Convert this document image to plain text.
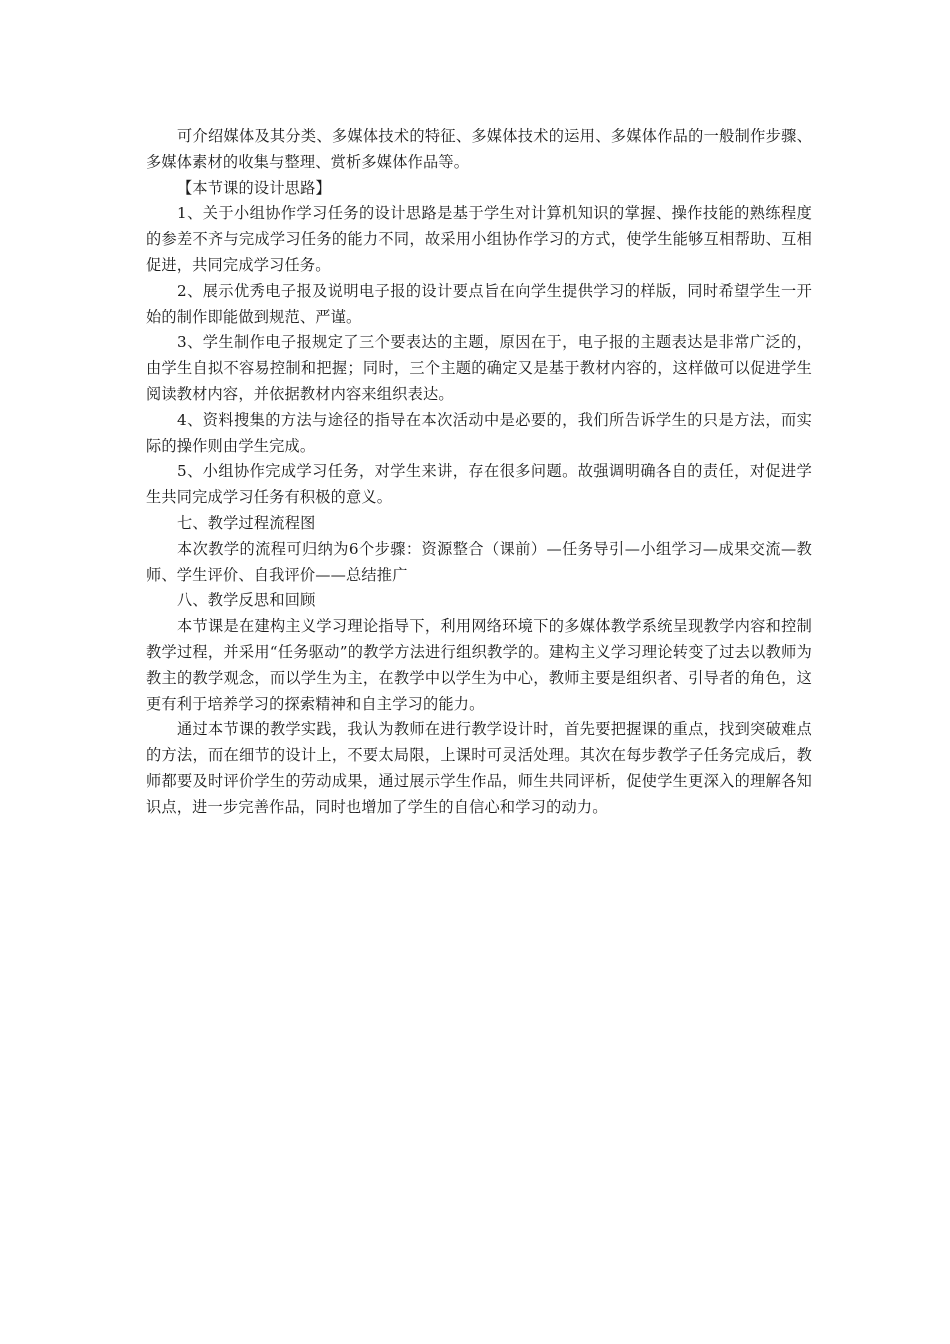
可介绍媒体及其分类、多媒体技术的特征、多媒体技术的运用、多媒体作品的一般制作步骤、多媒体素材的收集与整理、赏析多媒体作品等。

【本节课的设计思路】

1、关于小组协作学习任务的设计思路是基于学生对计算机知识的掌握、操作技能的熟练程度的参差不齐与完成学习任务的能力不同，故采用小组协作学习的方式，使学生能够互相帮助、互相促进，共同完成学习任务。

2、展示优秀电子报及说明电子报的设计要点旨在向学生提供学习的样版，同时希望学生一开始的制作即能做到规范、严谨。

3、学生制作电子报规定了三个要表达的主题，原因在于，电子报的主题表达是非常广泛的，由学生自拟不容易控制和把握；同时，三个主题的确定又是基于教材内容的，这样做可以促进学生阅读教材内容，并依据教材内容来组织表达。

4、资料搜集的方法与途径的指导在本次活动中是必要的，我们所告诉学生的只是方法，而实际的操作则由学生完成。

5、小组协作完成学习任务，对学生来讲，存在很多问题。故强调明确各自的责任，对促进学生共同完成学习任务有积极的意义。

七、教学过程流程图

本次教学的流程可归纳为6个步骤：资源整合（课前）—任务导引—小组学习—成果交流—教师、学生评价、自我评价——总结推广

八、教学反思和回顾

本节课是在建构主义学习理论指导下，利用网络环境下的多媒体教学系统呈现教学内容和控制教学过程，并采用“任务驱动”的教学方法进行组织教学的。建构主义学习理论转变了过去以教师为教主的教学观念，而以学生为主，在教学中以学生为中心，教师主要是组织者、引导者的角色，这更有利于培养学习的探索精神和自主学习的能力。

通过本节课的教学实践，我认为教师在进行教学设计时，首先要把握课的重点，找到突破难点的方法，而在细节的设计上，不要太局限，上课时可灵活处理。其次在每步教学子任务完成后，教师都要及时评价学生的劳动成果，通过展示学生作品，师生共同评析，促使学生更深入的理解各知识点，进一步完善作品，同时也增加了学生的自信心和学习的动力。
